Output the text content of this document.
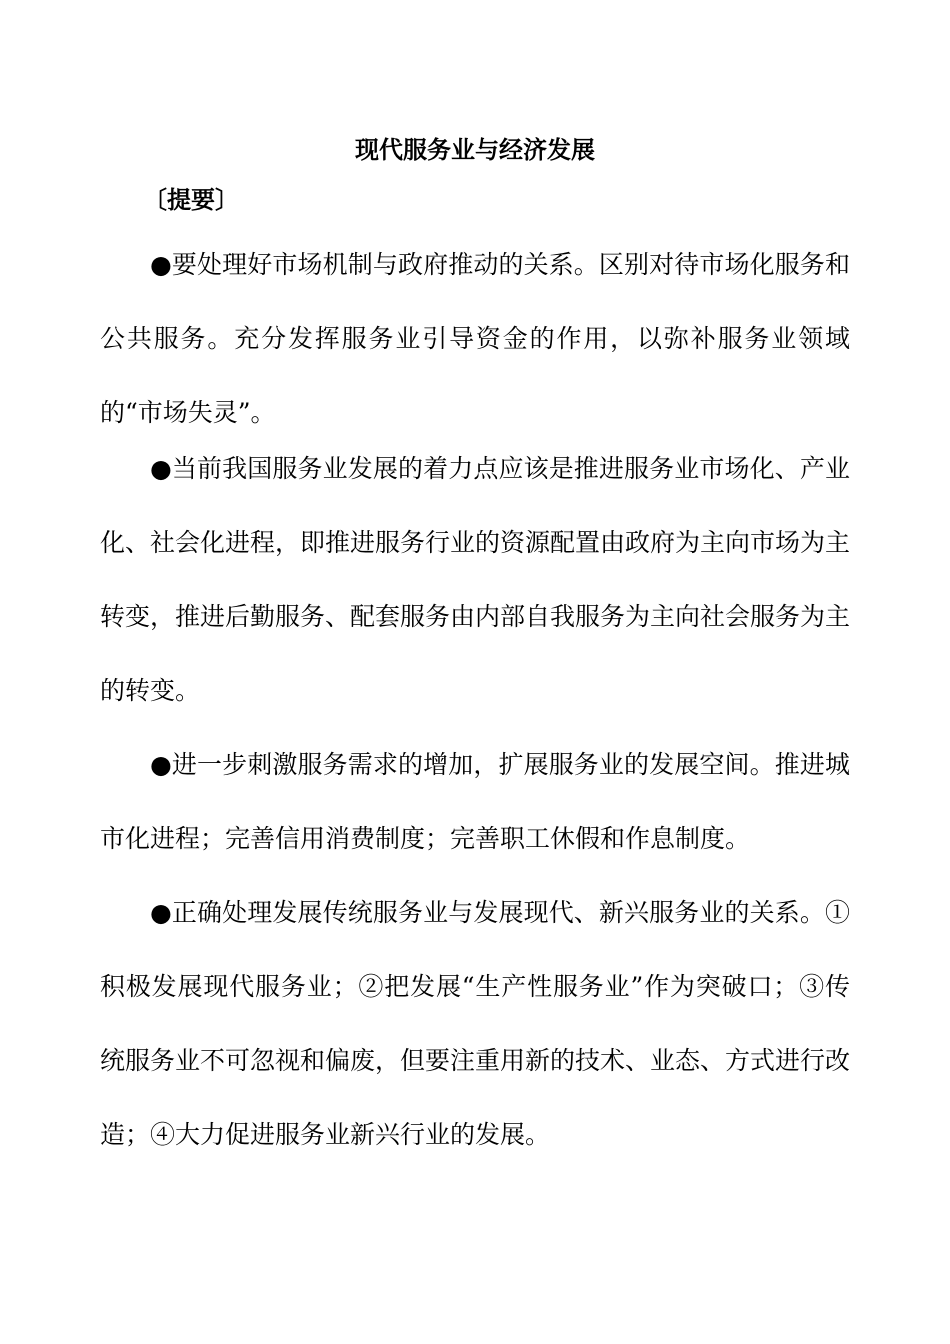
现代服务业与经济发展
〔提要〕
●要处理好市场机制与政府推动的关系。区别对待市场化服务和公共服务。充分发挥服务业引导资金的作用，以弥补服务业领域的“市场失灵”。
●当前我国服务业发展的着力点应该是推进服务业市场化、产业化、社会化进程，即推进服务行业的资源配置由政府为主向市场为主转变，推进后勤服务、配套服务由内部自我服务为主向社会服务为主的转变。
●进一步刺激服务需求的增加，扩展服务业的发展空间。推进城市化进程；完善信用消费制度；完善职工休假和作息制度。
●正确处理发展传统服务业与发展现代、新兴服务业的关系。①积极发展现代服务业；②把发展“生产性服务业”作为突破口；③传统服务业不可忽视和偏废，但要注重用新的技术、业态、方式进行改造；④大力促进服务业新兴行业的发展。
